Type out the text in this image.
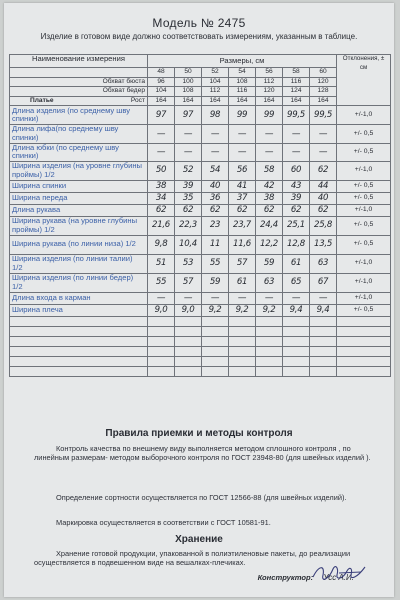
Модель № 2475
Изделие в готовом виде должно соответствовать измерениям, указанным в таблице.
Наименование измерения	Размеры, см							Отклонения, ± см
	48	50	52	54	56	58	60	
Обхват бюста	96	100	104	108	112	116	120	
Обхват бедер	104	108	112	116	120	124	128	

Платье Рост	164	164	164	164	164	164	164	
Длина изделия (по среднему шву спинки)	97	97	98	99	99	99,5	99,5	+/-1,0
Длина лифа(по среднему шву спинки)	—	—	—	—	—	—	—	+/- 0,5
Длина юбки (по среднему шву спинки)	—	—	—	—	—	—	—	+/- 0,5
Ширина изделия (на уровне глубины проймы) 1/2	50	52	54	56	58	60	62	+/-1,0
Ширина спинки	38	39	40	41	42	43	44	+/- 0,5
Ширина переда	34	35	36	37	38	39	40	+/- 0,5
Длина рукава	62	62	62	62	62	62	62	+/-1,0
Ширина рукава (на уровне глубины проймы) 1/2	21,6	22,3	23	23,7	24,4	25,1	25,8	+/- 0,5
Ширина рукава (по линии низа) 1/2	9,8	10,4	11	11,6	12,2	12,8	13,5	+/- 0,5
Ширина изделия (по линии талии) 1/2	51	53	55	57	59	61	63	+/-1,0
Ширина изделия (по линии бедер) 1/2	55	57	59	61	63	65	67	+/-1,0
Длина входа в карман	—	—	—	—	—	—	—	+/-1,0
Ширина плеча	9,0	9,0	9,2	9,2	9,2	9,4	9,4	+/- 0,5

Правила приемки и методы контроля
Контроль качества по внешнему виду выполняется методом сплошного контроля , по линейным размерам- методом выборочного контроля по ГОСТ 23948-80 (для швейных изделий ).
Определение сортности осуществляется по ГОСТ 12566-88 (для швейных изделий).
Маркировка осуществляется в соответствии с ГОСТ 10581-91.
Хранение
Хранение готовой продукции, упакованной в полиэтиленовые пакеты, до реализации осуществляется в подвешенном виде на вешалках-плечиках.
Конструктор: Усс А.И.
